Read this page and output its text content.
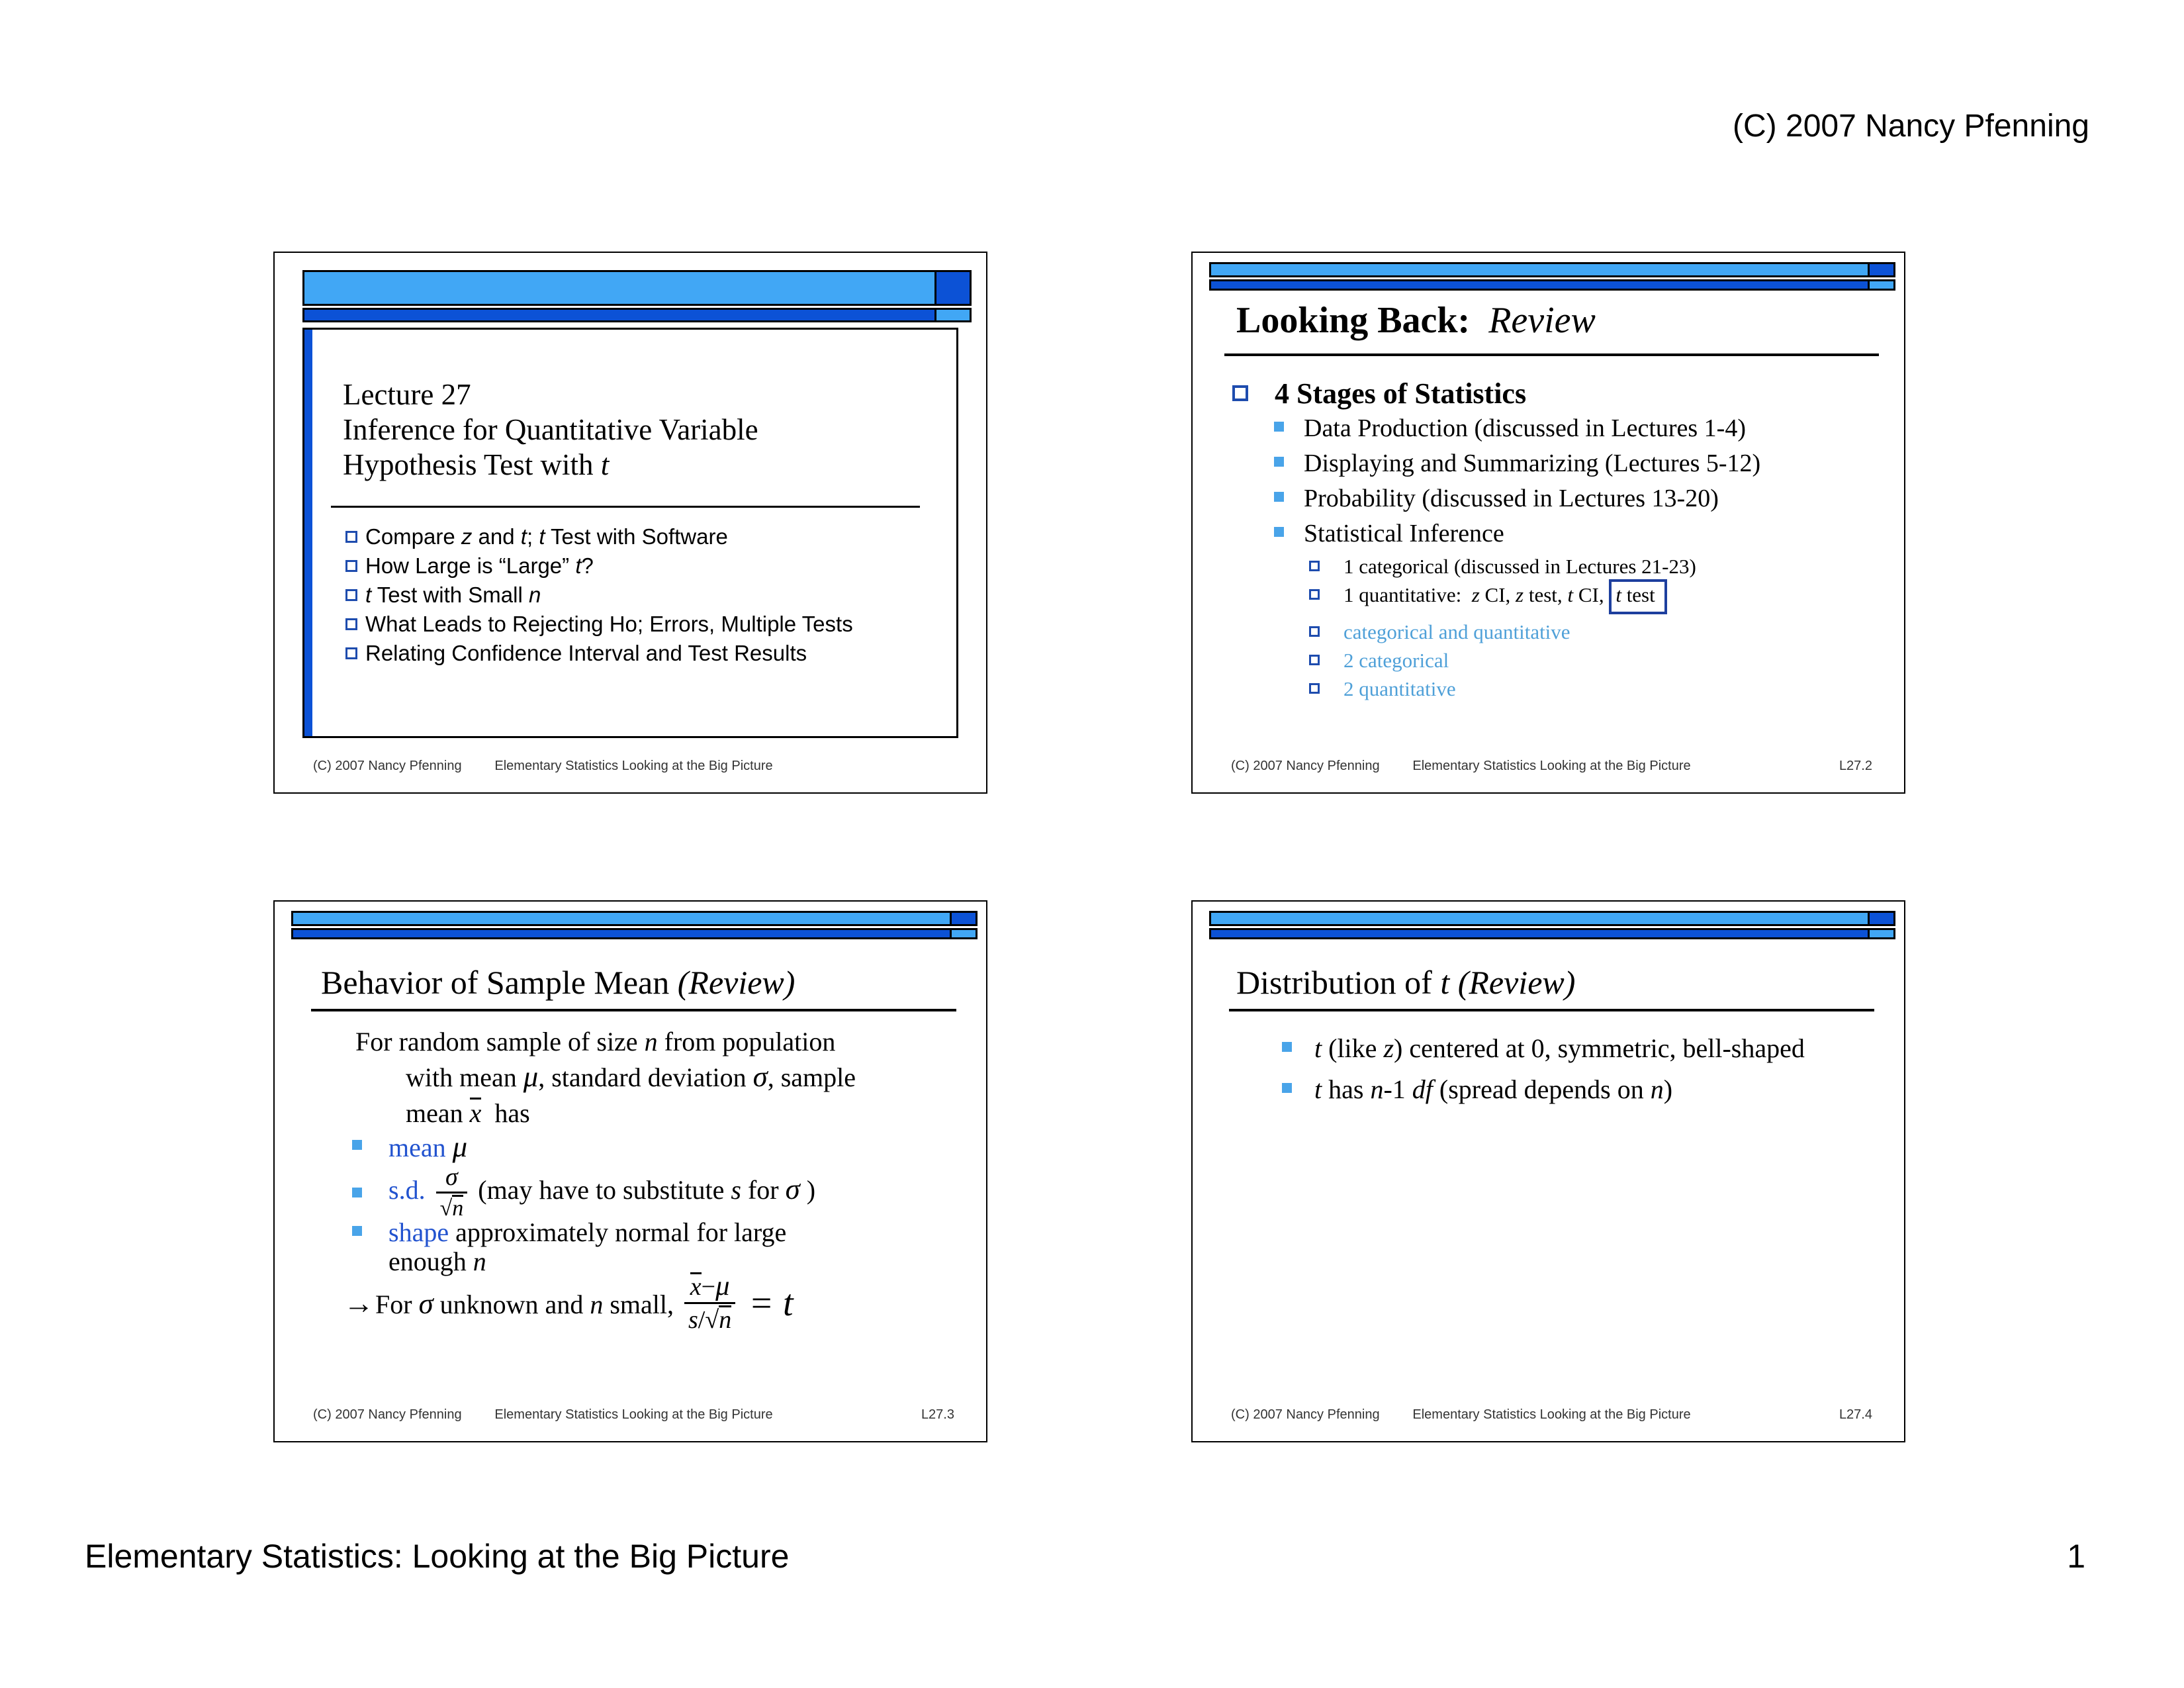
(C) 2007 Nancy Pfenning
Elementary Statistics: Looking at the Big Picture	1
Lecture 27
Inference for Quantitative Variable
Hypothesis Test with t
Compare z and t; t Test with Software
How Large is “Large” t?
t Test with Small n
What Leads to Rejecting Ho; Errors, Multiple Tests
Relating Confidence Interval and Test Results
(C) 2007 Nancy Pfenning	Elementary Statistics Looking at the Big Picture
Looking Back: Review
4 Stages of Statistics
Data Production (discussed in Lectures 1-4)
Displaying and Summarizing (Lectures 5-12)
Probability (discussed in Lectures 13-20)
Statistical Inference
1 categorical (discussed in Lectures 21-23)
1 quantitative:  z CI, z test, t CI, t test
categorical and quantitative
2 categorical
2 quantitative
(C) 2007 Nancy Pfenning	Elementary Statistics Looking at the Big Picture	L27.2
Behavior of Sample Mean (Review)
For random sample of size n from population
with mean μ, standard deviation σ, sample
mean x  has
mean μ
s.d. $\frac{\sigma}{√n} (may$ have to substitute s for σ )
shape approximately normal for large
enough n
→ For σ unknown and n small, $\frac{x-\mu}{s/√n} = t$
(C) 2007 Nancy Pfenning	Elementary Statistics Looking at the Big Picture	L27.3
Distribution of t (Review)
t (like z) centered at 0, symmetric, bell-shaped
t has n-1 df (spread depends on n)
(C) 2007 Nancy Pfenning	Elementary Statistics Looking at the Big Picture	L27.4
